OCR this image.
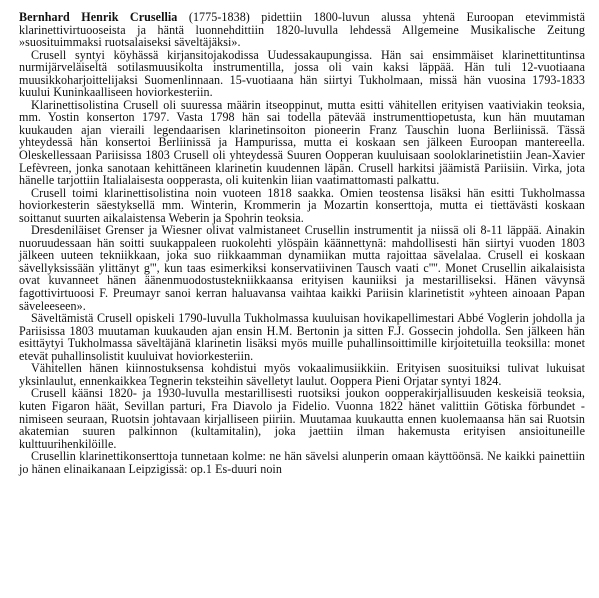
Bernhard Henrik Crusellia (1775-1838) pidettiin 1800-luvun alussa yhtenä Euroopan etevimmistä klarinettivirtuooseista ja häntä luonnehdittiin 1820-luvulla lehdessä Allgemeine Musikalische Zeitung »suosituimmaksi ruotsalaiseksi säveltäjäksi».

Crusell syntyi köyhässä kirjansitojakodissa Uudessakaupungissa. Hän sai ensimmäiset klarinettituntinsa nurmijärveläiseltä sotilasmuusikolta instrumentilla, jossa oli vain kaksi läppää. Hän tuli 12-vuotiaana muusikkoharjoittelijaksi Suomenlinnaan. 15-vuotiaana hän siirtyi Tukholmaan, missä hän vuosina 1793-1833 kuului Kuninkaalliseen hoviorkesteriin.

Klarinettisolistina Crusell oli suuressa määrin itseoppinut, mutta esitti vähitellen erityisen vaativiakin teoksia, mm. Yostin konserton 1797. Vasta 1798 hän sai todella pätevää instrumenttiopetusta, kun hän muutaman kuukauden ajan vieraili legendaarisen klarinetinsoiton pioneerin Franz Tauschin luona Berliinissä. Tässä yhteydessä hän konsertoi Berliinissä ja Hampurissa, mutta ei koskaan sen jälkeen Euroopan mantereella. Oleskellessaan Pariisissa 1803 Crusell oli yhteydessä Suuren Oopperan kuuluisaan sooloklarinetistiin Jean-Xavier Lefèvreen, jonka sanotaan kehittäneen klarinetin kuudennen läpän. Crusell harkitsi jäämistä Pariisiin. Virka, jota hänelle tarjottiin Italialaisesta oopperasta, oli kuitenkin liian vaatimattomasti palkattu.

Crusell toimi klarinettisolistina noin vuoteen 1818 saakka. Omien teostensa lisäksi hän esitti Tukholmassa hoviorkesterin säestyksellä mm. Winterin, Krommerin ja Mozartin konserttoja, mutta ei tiettävästi koskaan soittanut suurten aikalaistensa Weberin ja Spohrin teoksia.

Dresdeniläiset Grenser ja Wiesner olivat valmistaneet Crusellin instrumentit ja niissä oli 8-11 läppää. Ainakin nuoruudessaan hän soitti suukappaleen ruokolehti ylöspäin käännettynä: mahdollisesti hän siirtyi vuoden 1803 jälkeen uuteen tekniikkaan, joka suo riikkaamman dynamiikan mutta rajoittaa sävelalaa. Crusell ei koskaan sävellyksissään ylittänyt g''', kun taas esimerkiksi konservatiivinen Tausch vaati c''''. Monet Crusellin aikalaisista ovat kuvanneet hänen äänenmuodostustekniikkaansa erityisen kauniiksi ja mestarilliseksi. Hänen vävynsä fagottivirtuoosi F. Preumayr sanoi kerran haluavansa vaihtaa kaikki Pariisin klarinetistit »yhteen ainoaan Papan säveleeseen».

Säveltämistä Crusell opiskeli 1790-luvulla Tukholmassa kuuluisan hovikapellimestari Abbé Voglerin johdolla ja Pariisissa 1803 muutaman kuukauden ajan ensin H.M. Bertonin ja sitten F.J. Gossecin johdolla. Sen jälkeen hän esittäytyi Tukholmassa säveltäjänä klarinetin lisäksi myös muille puhallinsoittimille kirjoitetuilla teoksilla: monet etevät puhallinsolistit kuuluivat hoviorkesteriin.

Vähitellen hänen kiinnostuksensa kohdistui myös vokaalimusiikkiin. Erityisen suosituiksi tulivat lukuisat yksinlaulut, ennenkaikkea Tegnerin teksteihin sävelletyt laulut. Ooppera Pieni Orjatar syntyi 1824.

Crusell käänsi 1820- ja 1930-luvulla mestarillisesti ruotsiksi joukon oopperakirjallisuuden keskeisiä teoksia, kuten Figaron häät, Sevillan parturi, Fra Diavolo ja Fidelio. Vuonna 1822 hänet valittiin Götiska förbundet -nimiseen seuraan, Ruotsin johtavaan kirjalliseen piiriin. Muutamaa kuukautta ennen kuolemaansa hän sai Ruotsin akatemian suuren palkinnon (kultamitalin), joka jaettiin ilman hakemusta erityisen ansioituneille kulttuurihenkilöille.

Crusellin klarinettikonserttoja tunnetaan kolme: ne hän sävelsi alunperin omaan käyttöönsä. Ne kaikki painettiin jo hänen elinaikanaan Leipzigissä: op.1 Es-duuri noin
